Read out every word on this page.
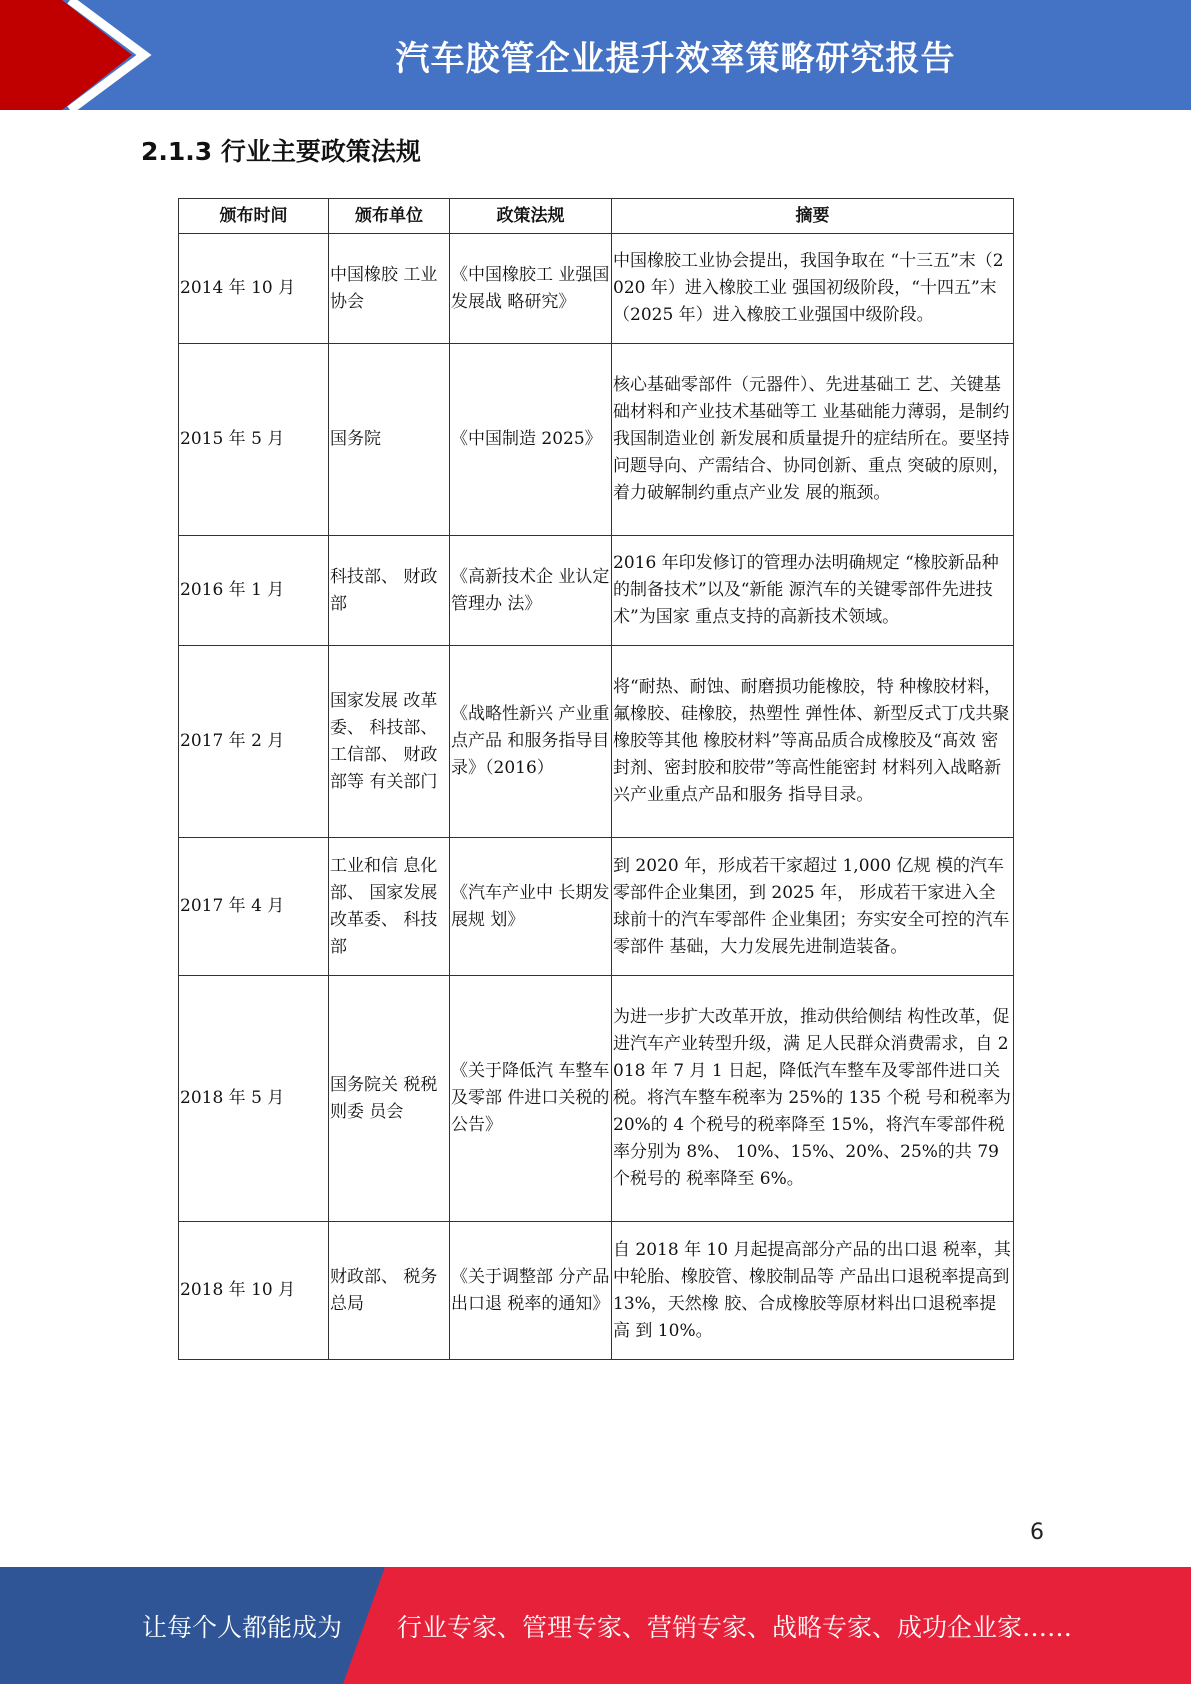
汽车胶管企业提升效率策略研究报告
2.1.3 行业主要政策法规
颁布时间	颁布单位	政策法规	摘要
2014 年 10 月	中国橡胶 工业协会	《中国橡胶工 业强国发展战 略研究》	中国橡胶工业协会提出，我国争取在 “十三五”末（2020 年）进入橡胶工业 强国初级阶段，“十四五”末（2025 年）进入橡胶工业强国中级阶段。
2015 年 5 月	国务院	《中国制造 2025》	核心基础零部件（元器件）、先进基础工 艺、关键基础材料和产业技术基础等工 业基础能力薄弱，是制约我国制造业创 新发展和质量提升的症结所在。要坚持 问题导向、产需结合、协同创新、重点 突破的原则，着力破解制约重点产业发 展的瓶颈。
2016 年 1 月	科技部、 财政部	《高新技术企 业认定管理办 法》	2016 年印发修订的管理办法明确规定 “橡胶新品种的制备技术”以及“新能 源汽车的关键零部件先进技术”为国家 重点支持的高新技术领域。
2017 年 2 月	国家发展 改革委、 科技部、 工信部、 财政部等 有关部门	《战略性新兴 产业重点产品 和服务指导目 录》（2016）	将“耐热、耐蚀、耐磨损功能橡胶，特 种橡胶材料，氟橡胶、硅橡胶，热塑性 弹性体、新型反式丁戊共聚橡胶等其他 橡胶材料”等髙品质合成橡胶及“髙效 密封剂、密封胶和胶带”等高性能密封 材料列入战略新兴产业重点产品和服务 指导目录。
2017 年 4 月	工业和信 息化部、 国家发展 改革委、 科技部	《汽车产业中 长期发展规 划》	到 2020 年，形成若干家超过 1,000 亿规 模的汽车零部件企业集团，到 2025 年， 形成若干家进入全球前十的汽车零部件 企业集团；夯实安全可控的汽车零部件 基础，大力发展先进制造装备。
2018 年 5 月	国务院关 税税则委 员会	《关于降低汽 车整车及零部 件进口关税的 公告》	为进一步扩大改革开放，推动供给侧结 构性改革，促进汽车产业转型升级，满 足人民群众消费需求，自 2018 年 7 月 1 日起，降低汽车整车及零部件进口关 税。将汽车整车税率为 25%的 135 个税 号和税率为 20%的 4 个税号的税率降至 15%，将汽车零部件税率分别为 8%、 10%、15%、20%、25%的共 79 个税号的 税率降至 6%。
2018 年 10 月	财政部、 税务总局	《关于调整部 分产品出口退 税率的通知》	自 2018 年 10 月起提高部分产品的出口退 税率，其中轮胎、橡胶管、橡胶制品等 产品出口退税率提高到 13%，天然橡 胶、合成橡胶等原材料出口退税率提高 到 10%。
6
让每个人都能成为 行业专家、管理专家、营销专家、战略专家、成功企业家……
